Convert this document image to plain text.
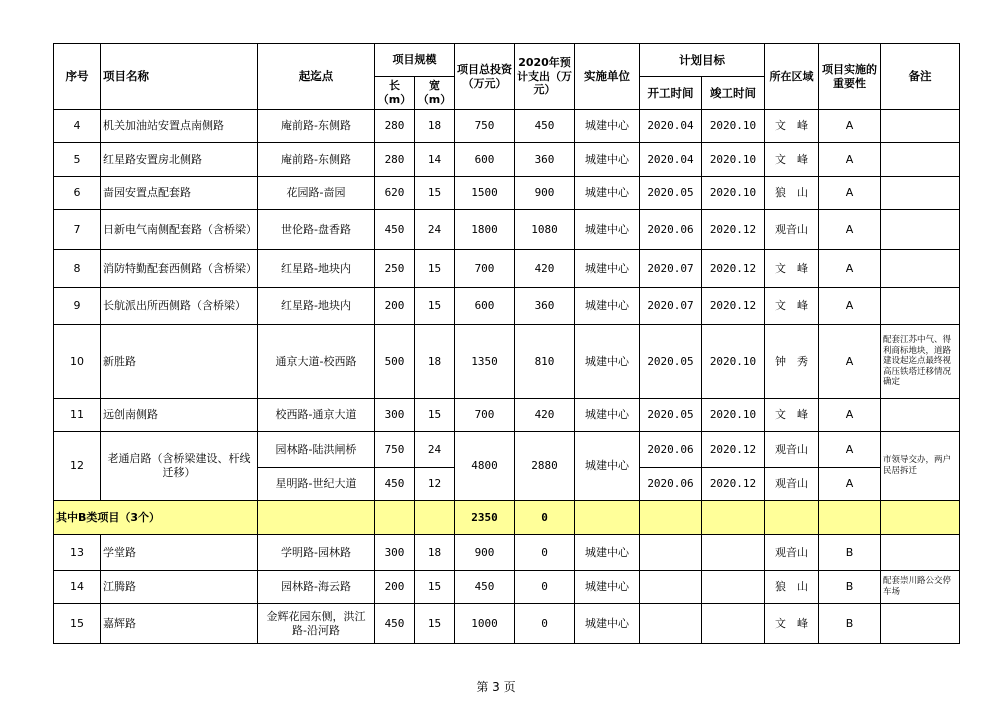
序号	项目名称	起迄点	项目规模		项目总投资（万元）	2020年预计支出（万元）	实施单位	计划目标		所在区域	项目实施的重要性	备注
			长（m）	宽（m）				开工时间	竣工时间			
4	机关加油站安置点南侧路	庵前路-东侧路	280	18	750	450	城建中心	2020.04	2020.10	文　峰	A	
5	红星路安置房北侧路	庵前路-东侧路	280	14	600	360	城建中心	2020.04	2020.10	文　峰	A	
6	啬园安置点配套路	花园路-啬园	620	15	1500	900	城建中心	2020.05	2020.10	狼　山	A	
7	日新电气南侧配套路（含桥梁）	世伦路-盘香路	450	24	1800	1080	城建中心	2020.06	2020.12	观音山	A	
8	消防特勤配套西侧路（含桥梁）	红星路-地块内	250	15	700	420	城建中心	2020.07	2020.12	文　峰	A	
9	长航派出所西侧路（含桥梁）	红星路-地块内	200	15	600	360	城建中心	2020.07	2020.12	文　峰	A	
10	新胜路	通京大道-校西路	500	18	1350	810	城建中心	2020.05	2020.10	钟　秀	A	配套江苏中气、得利商标地块，道路建设起迄点最终视高压铁塔迁移情况确定
11	远创南侧路	校西路-通京大道	300	15	700	420	城建中心	2020.05	2020.10	文　峰	A	
12	老通启路（含桥梁建设、杆线迁移）	园林路-陆洪闸桥	750	24	4800	2880	城建中心	2020.06	2020.12	观音山	A	市领导交办，两户民居拆迁
		星明路-世纪大道	450	12				2020.06	2020.12	观音山	A	
其中B类项目（3个）					2350	0						
13	学堂路	学明路-园林路	300	18	900	0	城建中心			观音山	B	
14	江腾路	园林路-海云路	200	15	450	0	城建中心			狼　山	B	配套崇川路公交停车场
15	嘉辉路	金辉花园东侧，洪江路-沿河路	450	15	1000	0	城建中心			文　峰	B	
第 3 页
